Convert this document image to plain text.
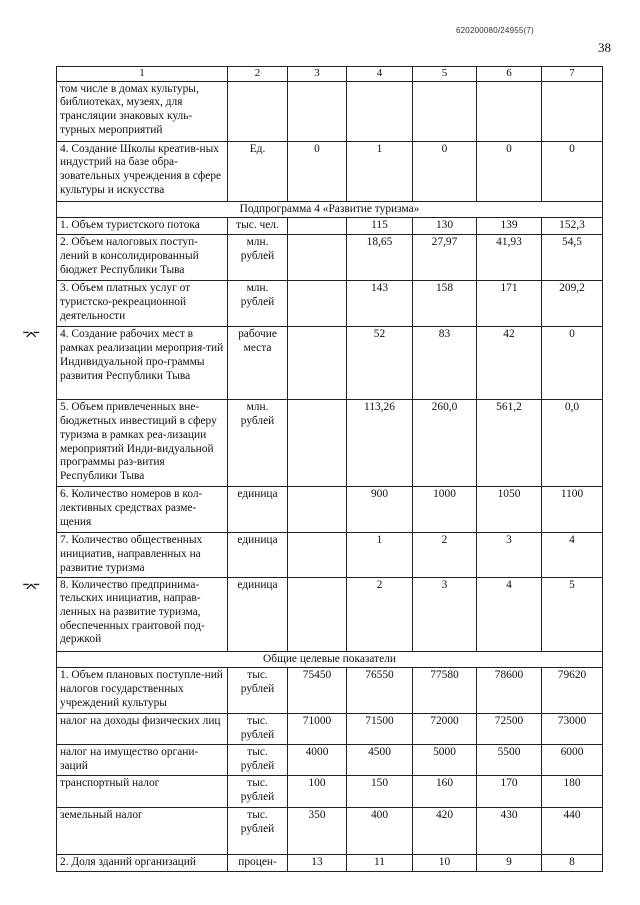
620200080/24955(7)
38
⌤
⌤
1	2	3	4	5	6	7
том числе в домах культуры, библиотеках, музеях, для трансляции знаковых куль-турных мероприятий						
4. Создание Школы креатив-ных индустрий на базе обра-зовательных учреждения в сфере культуры и искусства	Ед.	0	1	0	0	0
Подпрограмма 4 «Развитие туризма»						
1. Объем туристского потока	тыс. чел.		115	130	139	152,3
2. Объем налоговых поступ-лений в консолидированный бюджет Республики Тыва	млн. рублей		18,65	27,97	41,93	54,5
3. Объем платных услуг от туристско-рекреационной деятельности	млн. рублей		143	158	171	209,2
4. Создание рабочих мест в рамках реализации мероприя-тий Индивидуальной про-граммы развития Республики Тыва	рабочие места		52	83	42	0
5. Объем привлеченных вне-бюджетных инвестиций в сферу туризма в рамках реа-лизации мероприятий Инди-видуальной программы раз-вития Республики Тыва	млн. рублей		113,26	260,0	561,2	0,0
6. Количество номеров в кол-лективных средствах разме-щения	единица		900	1000	1050	1100
7. Количество общественных инициатив, направленных на развитие туризма	единица		1	2	3	4
8. Количество предпринима-тельских инициатив, направ-ленных на развитие туризма, обеспеченных грантовой под-держкой	единица		2	3	4	5
Общие целевые показатели						
1. Объем плановых поступле-ний налогов государственных учреждений культуры	тыс. рублей	75450	76550	77580	78600	79620
налог на доходы физических лиц	тыс. рублей	71000	71500	72000	72500	73000
налог на имущество органи-заций	тыс. рублей	4000	4500	5000	5500	6000
транспортный налог	тыс. рублей	100	150	160	170	180
земельный налог	тыс. рублей	350	400	420	430	440
2. Доля зданий организаций	процен-	13	11	10	9	8
